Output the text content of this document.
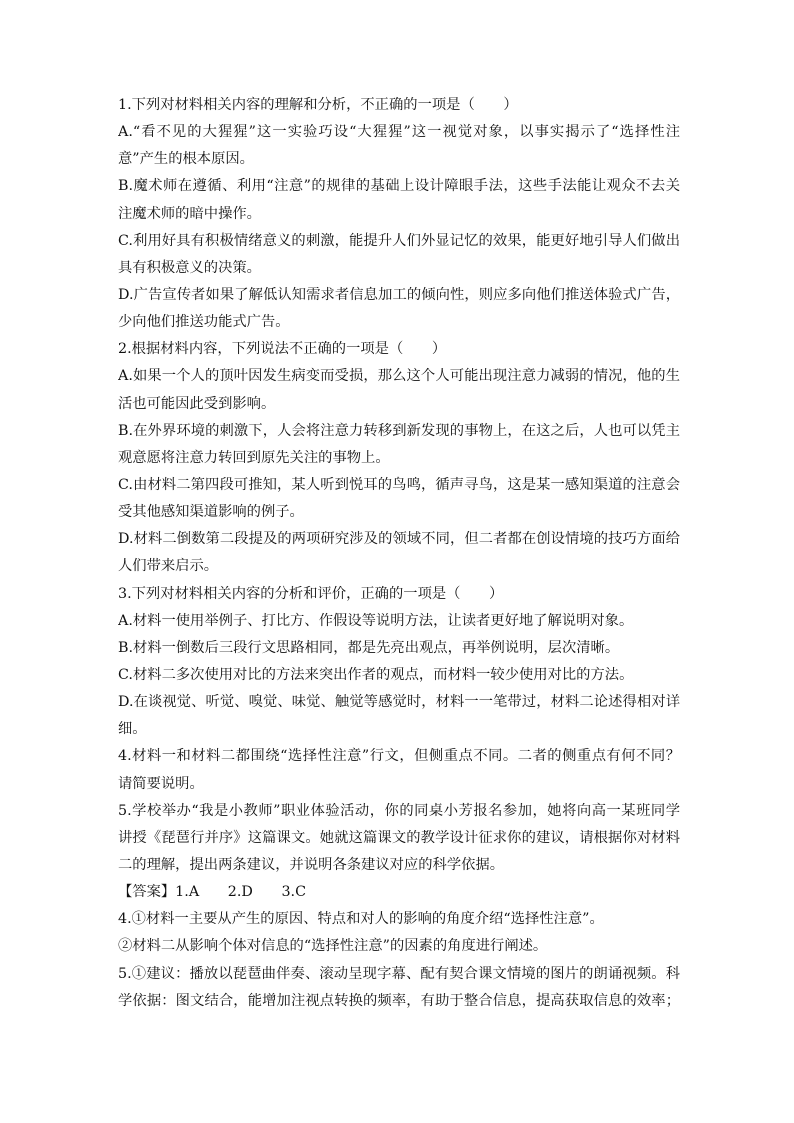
1.下列对材料相关内容的理解和分析，不正确的一项是（　　）
A.“看不见的大猩猩”这一实验巧设“大猩猩”这一视觉对象，以事实揭示了“选择性注
意”产生的根本原因。
B.魔术师在遵循、利用“注意”的规律的基础上设计障眼手法，这些手法能让观众不去关
注魔术师的暗中操作。
C.利用好具有积极情绪意义的刺激，能提升人们外显记忆的效果，能更好地引导人们做出
具有积极意义的决策。
D.广告宣传者如果了解低认知需求者信息加工的倾向性，则应多向他们推送体验式广告，
少向他们推送功能式广告。
2.根据材料内容，下列说法不正确的一项是（　　）
A.如果一个人的顶叶因发生病变而受损，那么这个人可能出现注意力减弱的情况，他的生
活也可能因此受到影响。
B.在外界环境的刺激下，人会将注意力转移到新发现的事物上，在这之后，人也可以凭主
观意愿将注意力转回到原先关注的事物上。
C.由材料二第四段可推知，某人听到悦耳的鸟鸣，循声寻鸟，这是某一感知渠道的注意会
受其他感知渠道影响的例子。
D.材料二倒数第二段提及的两项研究涉及的领域不同，但二者都在创设情境的技巧方面给
人们带来启示。
3.下列对材料相关内容的分析和评价，正确的一项是（　　）
A.材料一使用举例子、打比方、作假设等说明方法，让读者更好地了解说明对象。
B.材料一倒数后三段行文思路相同，都是先亮出观点，再举例说明，层次清晰。
C.材料二多次使用对比的方法来突出作者的观点，而材料一较少使用对比的方法。
D.在谈视觉、听觉、嗅觉、味觉、触觉等感觉时，材料一一笔带过，材料二论述得相对详
细。
4.材料一和材料二都围绕“选择性注意”行文，但侧重点不同。二者的侧重点有何不同？
请简要说明。
5.学校举办“我是小教师”职业体验活动，你的同桌小芳报名参加，她将向高一某班同学
讲授《琵琶行并序》这篇课文。她就这篇课文的教学设计征求你的建议，请根据你对材料
二的理解，提出两条建议，并说明各条建议对应的科学依据。
【答案】1.A　　2.D　　3.C
4.①材料一主要从产生的原因、特点和对人的影响的角度介绍“选择性注意”。
②材料二从影响个体对信息的“选择性注意”的因素的角度进行阐述。
5.①建议：播放以琵琶曲伴奏、滚动呈现字幕、配有契合课文情境的图片的朗诵视频。科
学依据：图文结合，能增加注视点转换的频率，有助于整合信息，提高获取信息的效率；
